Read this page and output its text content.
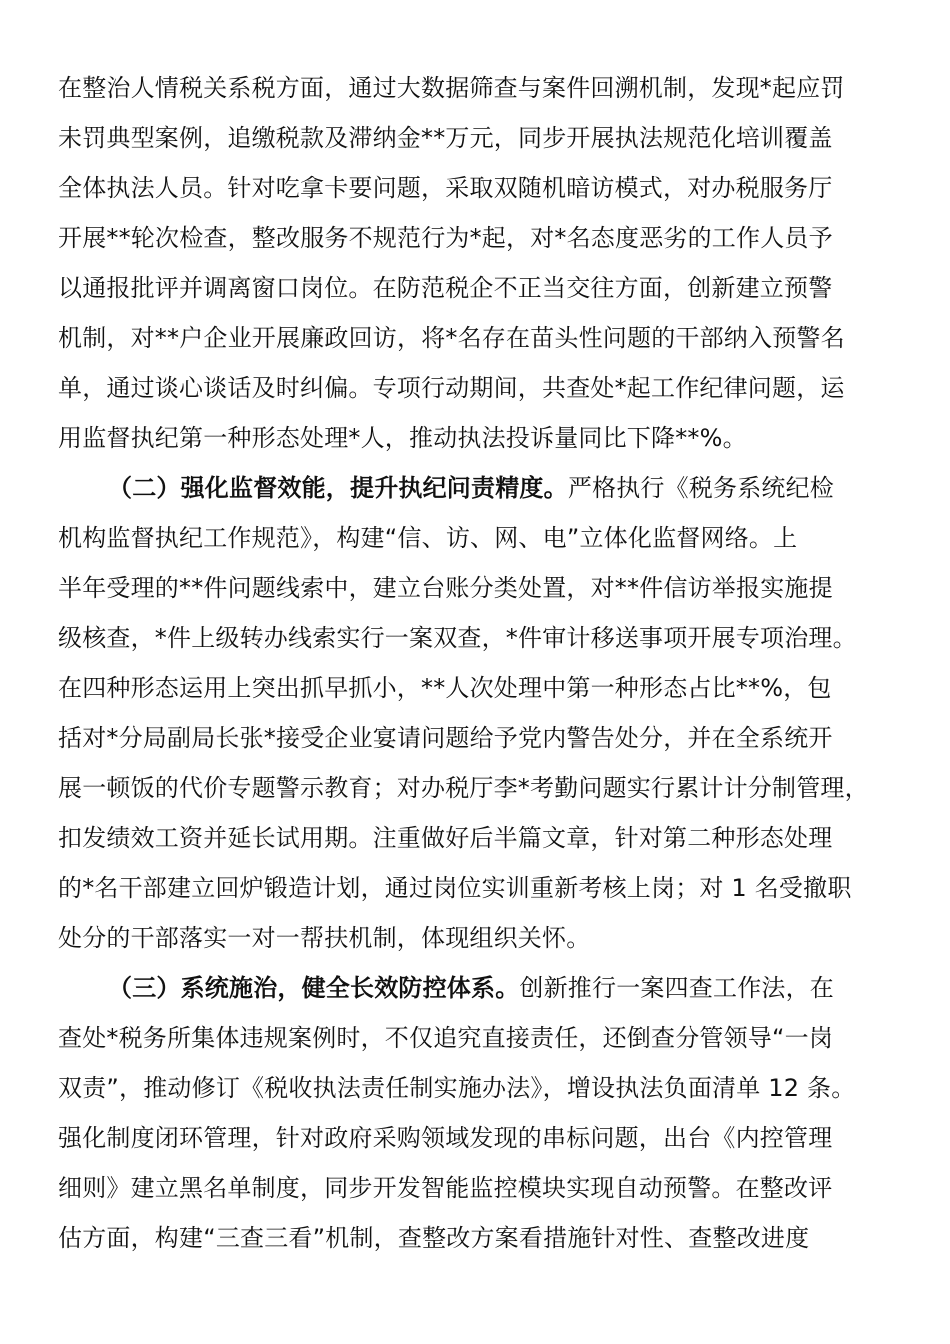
在整治人情税关系税方面，通过大数据筛查与案件回溯机制，发现*起应罚
未罚典型案例，追缴税款及滞纳金**万元，同步开展执法规范化培训覆盖
全体执法人员。针对吃拿卡要问题，采取双随机暗访模式，对办税服务厅
开展**轮次检查，整改服务不规范行为*起，对*名态度恶劣的工作人员予
以通报批评并调离窗口岗位。在防范税企不正当交往方面，创新建立预警
机制，对**户企业开展廉政回访，将*名存在苗头性问题的干部纳入预警名
单，通过谈心谈话及时纠偏。专项行动期间，共查处*起工作纪律问题，运
用监督执纪第一种形态处理*人，推动执法投诉量同比下降**%。
（二）强化监督效能，提升执纪问责精度。严格执行《税务系统纪检
机构监督执纪工作规范》，构建“信、访、网、电”立体化监督网络。上
半年受理的**件问题线索中，建立台账分类处置，对**件信访举报实施提
级核查，*件上级转办线索实行一案双查，*件审计移送事项开展专项治理。
在四种形态运用上突出抓早抓小，**人次处理中第一种形态占比**%，包
括对*分局副局长张*接受企业宴请问题给予党内警告处分，并在全系统开
展一顿饭的代价专题警示教育；对办税厅李*考勤问题实行累计计分制管理，
扣发绩效工资并延长试用期。注重做好后半篇文章，针对第二种形态处理
的*名干部建立回炉锻造计划，通过岗位实训重新考核上岗；对 1 名受撤职
处分的干部落实一对一帮扶机制，体现组织关怀。
（三）系统施治，健全长效防控体系。创新推行一案四查工作法，在
查处*税务所集体违规案例时，不仅追究直接责任，还倒查分管领导“一岗
双责”，推动修订《税收执法责任制实施办法》，增设执法负面清单 12 条。
强化制度闭环管理，针对政府采购领域发现的串标问题，出台《内控管理
细则》建立黑名单制度，同步开发智能监控模块实现自动预警。在整改评
估方面，构建“三查三看”机制，查整改方案看措施针对性、查整改进度
